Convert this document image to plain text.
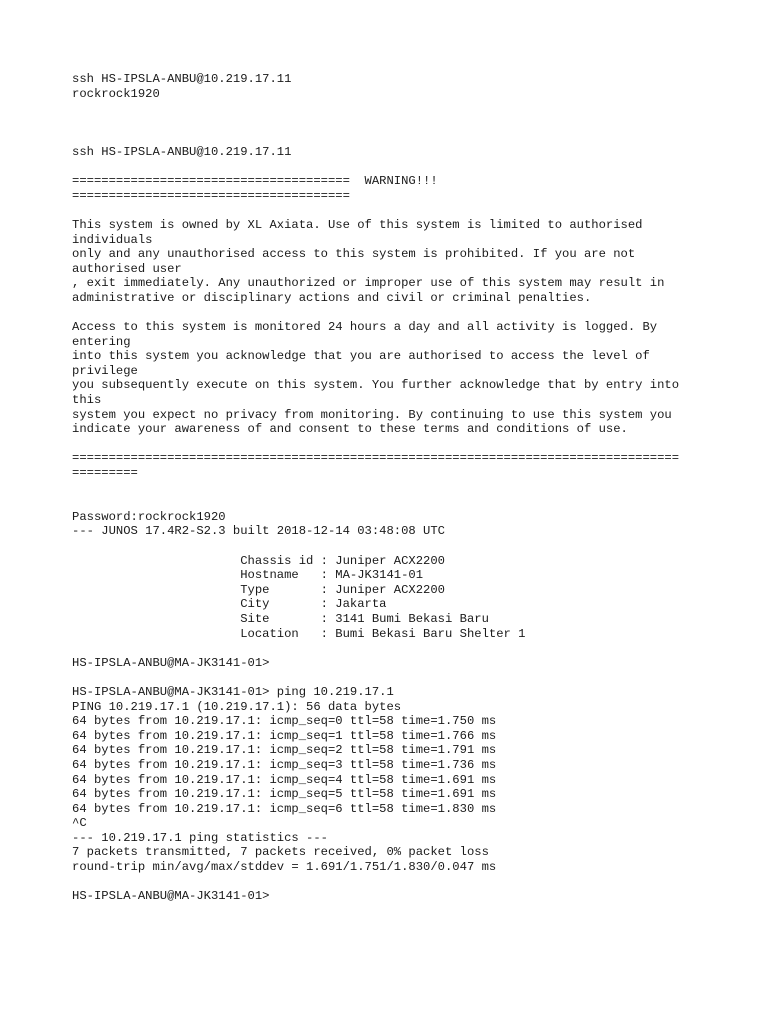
ssh HS-IPSLA-ANBU@10.219.17.11
rockrock1920
ssh HS-IPSLA-ANBU@10.219.17.11
======================================  WARNING!!!
======================================
This system is owned by XL Axiata. Use of this system is limited to authorised
individuals
only and any unauthorised access to this system is prohibited. If you are not
authorised user
, exit immediately. Any unauthorized or improper use of this system may result in
administrative or disciplinary actions and civil or criminal penalties.
Access to this system is monitored 24 hours a day and all activity is logged. By
entering
into this system you acknowledge that you are authorised to access the level of
privilege
you subsequently execute on this system. You further acknowledge that by entry into
this
system you expect no privacy from monitoring. By continuing to use this system you
indicate your awareness of and consent to these terms and conditions of use.
===================================================================================
=========
Password:rockrock1920
--- JUNOS 17.4R2-S2.3 built 2018-12-14 03:48:08 UTC
Chassis id : Juniper ACX2200
Hostname   : MA-JK3141-01
Type       : Juniper ACX2200
City       : Jakarta
Site       : 3141 Bumi Bekasi Baru
Location   : Bumi Bekasi Baru Shelter 1
HS-IPSLA-ANBU@MA-JK3141-01>
HS-IPSLA-ANBU@MA-JK3141-01> ping 10.219.17.1
PING 10.219.17.1 (10.219.17.1): 56 data bytes
64 bytes from 10.219.17.1: icmp_seq=0 ttl=58 time=1.750 ms
64 bytes from 10.219.17.1: icmp_seq=1 ttl=58 time=1.766 ms
64 bytes from 10.219.17.1: icmp_seq=2 ttl=58 time=1.791 ms
64 bytes from 10.219.17.1: icmp_seq=3 ttl=58 time=1.736 ms
64 bytes from 10.219.17.1: icmp_seq=4 ttl=58 time=1.691 ms
64 bytes from 10.219.17.1: icmp_seq=5 ttl=58 time=1.691 ms
64 bytes from 10.219.17.1: icmp_seq=6 ttl=58 time=1.830 ms
^C
--- 10.219.17.1 ping statistics ---
7 packets transmitted, 7 packets received, 0% packet loss
round-trip min/avg/max/stddev = 1.691/1.751/1.830/0.047 ms
HS-IPSLA-ANBU@MA-JK3141-01>
